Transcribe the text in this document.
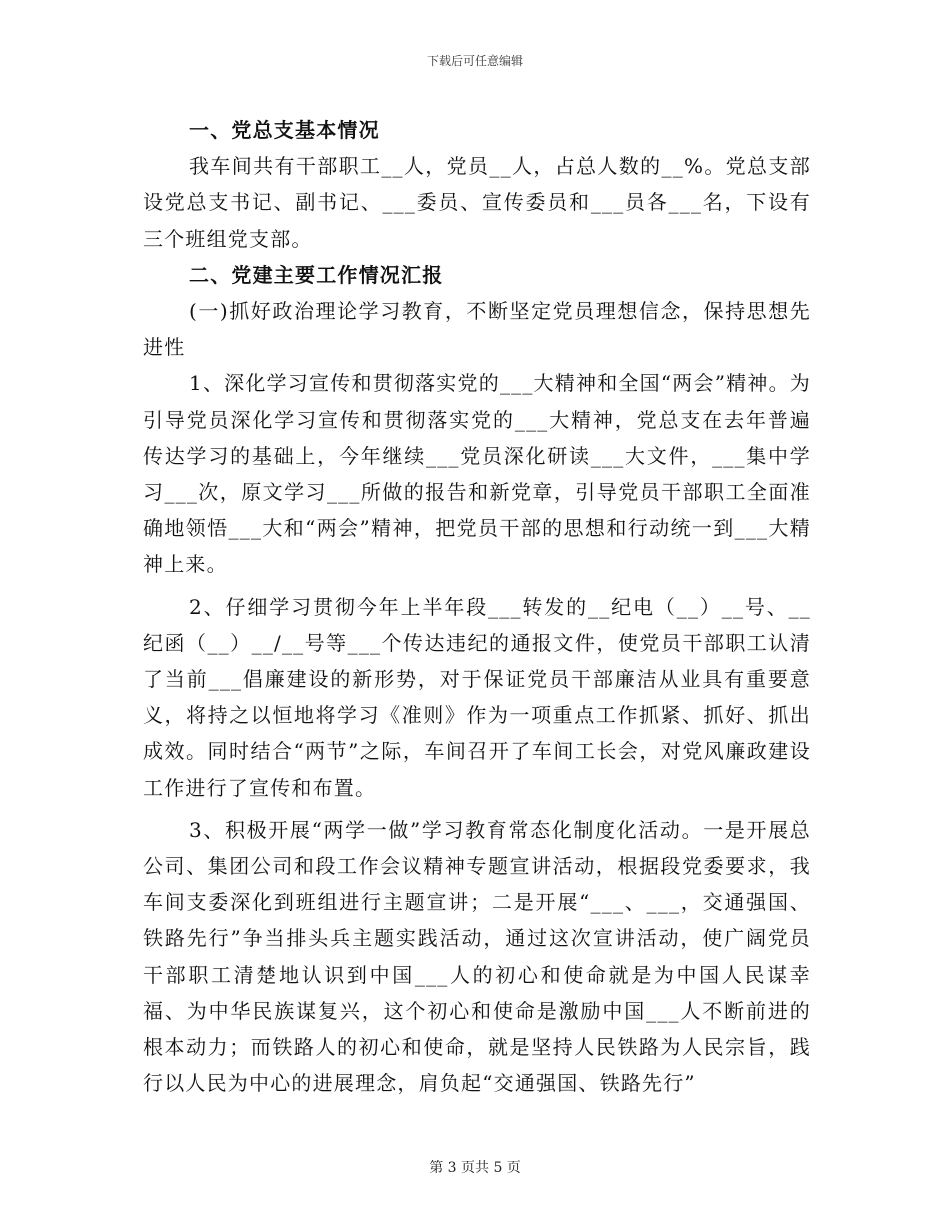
下载后可任意编辑

一、党总支基本情况

我车间共有干部职工__人，党员__人，占总人数的__%。党总支部设党总支书记、副书记、___委员、宣传委员和___员各___名，下设有三个班组党支部。

二、党建主要工作情况汇报

(一)抓好政治理论学习教育，不断坚定党员理想信念，保持思想先进性

1、深化学习宣传和贯彻落实党的___大精神和全国“两会”精神。为引导党员深化学习宣传和贯彻落实党的___大精神，党总支在去年普遍传达学习的基础上，今年继续___党员深化研读___大文件，___集中学习___次，原文学习___所做的报告和新党章，引导党员干部职工全面准确地领悟___大和“两会”精神，把党员干部的思想和行动统一到___大精神上来。

2、仔细学习贯彻今年上半年段___转发的__纪电（__）__号、__纪函（__）__/__号等___个传达违纪的通报文件，使党员干部职工认清了当前___倡廉建设的新形势，对于保证党员干部廉洁从业具有重要意义，将持之以恒地将学习《准则》作为一项重点工作抓紧、抓好、抓出成效。同时结合“两节”之际，车间召开了车间工长会，对党风廉政建设工作进行了宣传和布置。

3、积极开展“两学一做”学习教育常态化制度化活动。一是开展总公司、集团公司和段工作会议精神专题宣讲活动，根据段党委要求，我车间支委深化到班组进行主题宣讲；二是开展“___、___，交通强国、铁路先行”争当排头兵主题实践活动，通过这次宣讲活动，使广阔党员干部职工清楚地认识到中国___人的初心和使命就是为中国人民谋幸福、为中华民族谋复兴，这个初心和使命是激励中国___人不断前进的根本动力；而铁路人的初心和使命，就是坚持人民铁路为人民宗旨，践行以人民为中心的进展理念，肩负起“交通强国、铁路先行”

第 3 页共 5 页
